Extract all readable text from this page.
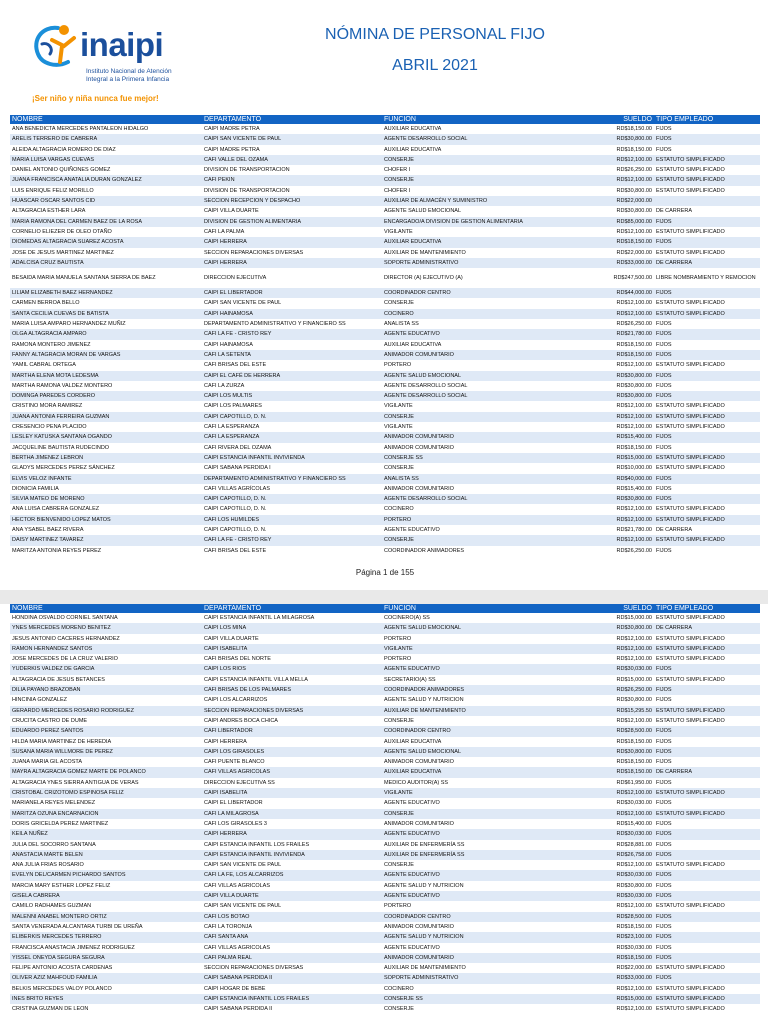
inaipi
Instituto Nacional de Atención Integral a la Primera Infancia
¡Ser niño y niña nunca fue mejor!
NÓMINA DE PERSONAL FIJO
ABRIL 2021
NOMBRE	DEPARTAMENTO	FUNCION	SUELDO	TIPO EMPLEADO
ANA BENEDICTA MERCEDES PANTALEON HIDALGO	CAIPI MADRE PETRA	AUXILIAR EDUCATIVA	RD$18,150.00	FIJOS
ARELIS TERRERO DE CABRERA	CAIPI SAN VICENTE DE PAUL	AGENTE DESARROLLO SOCIAL	RD$30,800.00	FIJOS
ALEIDA ALTAGRACIA ROMERO DE DIAZ	CAIPI MADRE PETRA	AUXILIAR EDUCATIVA	RD$18,150.00	FIJOS
MARIA LUISA VARGAS CUEVAS	CAFI VALLE DEL OZAMA	CONSERJE	RD$12,100.00	ESTATUTO SIMPLIFICADO
DANIEL ANTONIO QUIÑONES GOMEZ	DIVISION DE TRANSPORTACION	CHOFER I	RD$26,250.00	ESTATUTO SIMPLIFICADO
JUANA FRANCISCA ANATALIA DURAN GONZALEZ	CAFI PEKIN	CONSERJE	RD$12,100.00	ESTATUTO SIMPLIFICADO
LUIS ENRIQUE FELIZ MORILLO	DIVISION DE TRANSPORTACION	CHOFER I	RD$30,800.00	ESTATUTO SIMPLIFICADO
HUASCAR OSCAR SANTOS CID	SECCION RECEPCION Y DESPACHO	AUXILIAR DE ALMACÉN Y SUMINISTRO	RD$22,000.00	
ALTAGRACIA ESTHER LARA	CAIPI VILLA DUARTE	AGENTE SALUD EMOCIONAL	RD$30,800.00	DE CARRERA
MARIA RAMONA DEL CARMEN BAEZ DE LA ROSA	DIVISION DE GESTION ALIMENTARIA	ENCARGADO/A DIVISION DE GESTION ALIMENTARIA	RD$85,000.00	FIJOS
CORNELIO ELIEZER DE OLEO OTAÑO	CAFI LA PALMA	VIGILANTE	RD$12,100.00	ESTATUTO SIMPLIFICADO
DIOMEDAS ALTAGRACIA SUAREZ ACOSTA	CAIPI HERRERA	AUXILIAR EDUCATIVA	RD$18,150.00	FIJOS
JOSE DE JESUS MARTINEZ MARTINEZ	SECCION REPARACIONES DIVERSAS	AUXILIAR DE MANTENIMIENTO	RD$22,000.00	ESTATUTO SIMPLIFICADO
ADALCISA CRUZ BAUTISTA	CAIPI HERRERA	SOPORTE ADMINISTRATIVO	RD$33,000.00	DE CARRERA
BESAIDA MARIA MANUELA SANTANA SIERRA DE BAEZ	DIRECCION EJECUTIVA	DIRECTOR (A) EJECUTIVO (A)	RD$247,500.00	LIBRE NOMBRAMIENTO Y REMOCION
LILIAM ELIZABETH BAEZ HERNANDEZ	CAIPI EL LIBERTADOR	COORDINADOR CENTRO	RD$44,000.00	FIJOS
CARMEN BERROA BELLO	CAIPI SAN VICENTE DE PAUL	CONSERJE	RD$12,100.00	ESTATUTO SIMPLIFICADO
SANTA CECILIA CUEVAS DE BATISTA	CAIPI HAINAMOSA	COCINERO	RD$12,100.00	ESTATUTO SIMPLIFICADO
MARIA LUISA AMPARO HERNANDEZ MUÑIZ	DEPARTAMENTO ADMINISTRATIVO Y FINANCIERO SS	ANALISTA SS	RD$26,250.00	FIJOS
OLGA ALTAGRACIA AMPARO	CAFI LA FE - CRISTO REY	AGENTE EDUCATIVO	RD$21,780.00	FIJOS
RAMONA MONTERO JIMENEZ	CAIPI HAINAMOSA	AUXILIAR EDUCATIVA	RD$18,150.00	FIJOS
FANNY ALTAGRACIA MORAN DE VARGAS	CAFI LA SETENTA	ANIMADOR COMUNITARIO	RD$18,150.00	FIJOS
YAMIL CABRAL ORTEGA	CAFI BRISAS DEL ESTE	PORTERO	RD$12,100.00	ESTATUTO SIMPLIFICADO
MARTHA ELENA MOTA LEDESMA	CAIPI EL CAFÉ DE HERRERA	AGENTE SALUD EMOCIONAL	RD$30,800.00	FIJOS
MARTHA RAMONA VALDEZ MONTERO	CAFI LA ZURZA	AGENTE DESARROLLO SOCIAL	RD$30,800.00	FIJOS
DOMINGA PAREDES CORDERO	CAIPI LOS MULTIS	AGENTE DESARROLLO SOCIAL	RD$30,800.00	FIJOS
CRISTINO MORA RAMIREZ	CAIPI LOS PALMARES	VIGILANTE	RD$12,100.00	ESTATUTO SIMPLIFICADO
JUANA ANTONIA FERREIRA GUZMAN	CAIPI CAPOTILLO, D. N.	CONSERJE	RD$12,100.00	ESTATUTO SIMPLIFICADO
CRESENCIO PENA PLACIDO	CAFI LA ESPERANZA	VIGILANTE	RD$12,100.00	ESTATUTO SIMPLIFICADO
LESLEY KATUSKA SANTANA OGANDO	CAFI LA ESPERANZA	ANIMADOR COMUNITARIO	RD$15,400.00	FIJOS
JACQUELINE BAUTISTA RUDECINDO	CAFI RIVERA DEL OZAMA	ANIMADOR COMUNITARIO	RD$18,150.00	FIJOS
BERTHA JIMENEZ LEBRON	CAIPI ESTANCIA INFANTIL INVIVIENDA	CONSERJE SS	RD$15,000.00	ESTATUTO SIMPLIFICADO
GLADYS MERCEDES PEREZ SÁNCHEZ	CAIPI SABANA PERDIDA I	CONSERJE	RD$10,000.00	ESTATUTO SIMPLIFICADO
ELVIS VELOZ INFANTE	DEPARTAMENTO ADMINISTRATIVO Y FINANCIERO SS	ANALISTA SS	RD$40,000.00	FIJOS
DIONICIA FAMILIA	CAFI VILLAS AGRÍCOLAS	ANIMADOR COMUNITARIO	RD$15,400.00	FIJOS
SILVIA MATEO DE MORENO	CAIPI CAPOTILLO, D. N.	AGENTE DESARROLLO SOCIAL	RD$30,800.00	FIJOS
ANA LUISA CABRERA GONZALEZ	CAIPI CAPOTILLO, D. N.	COCINERO	RD$12,100.00	ESTATUTO SIMPLIFICADO
HECTOR BIENVENIDO LOPEZ MATOS	CAFI LOS HUMILDES	PORTERO	RD$12,100.00	ESTATUTO SIMPLIFICADO
ANA YSABEL BAEZ RIVERA	CAIPI CAPOTILLO, D. N.	AGENTE EDUCATIVO	RD$21,780.00	DE CARRERA
DAISY MARTINEZ TAVAREZ	CAFI LA FE - CRISTO REY	CONSERJE	RD$12,100.00	ESTATUTO SIMPLIFICADO
MARITZA ANTONIA REYES PEREZ	CAFI BRISAS DEL ESTE	COORDINADOR ANIMADORES	RD$26,250.00	FIJOS
Página 1 de 155
NOMBRE	DEPARTAMENTO	FUNCION	SUELDO	TIPO EMPLEADO
HONDINA OSVALDO CORNIEL SANTANA	CAIPI ESTANCIA INFANTIL LA MILAGROSA	COCINERO(A) SS	RD$15,000.00	ESTATUTO SIMPLIFICADO
YNES MERCEDES MORENO BENITEZ	CAIPI LOS MINA	AGENTE SALUD EMOCIONAL	RD$30,800.00	DE CARRERA
JESUS ANTONIO CACERES HERNANDEZ	CAIPI VILLA DUARTE	PORTERO	RD$12,100.00	ESTATUTO SIMPLIFICADO
RAMON HERNANDEZ SANTOS	CAIPI ISABELITA	VIGILANTE	RD$12,100.00	ESTATUTO SIMPLIFICADO
JOSE MERCEDES DE LA CRUZ VALERIO	CAFI BRISAS DEL NORTE	PORTERO	RD$12,100.00	ESTATUTO SIMPLIFICADO
YUDERKIS VALDEZ DE GARCIA	CAIPI LOS RIOS	AGENTE EDUCATIVO	RD$30,030.00	FIJOS
ALTAGRACIA DE JESUS BETANCES	CAIPI ESTANCIA INFANTIL VILLA MELLA	SECRETARIO(A) SS	RD$15,000.00	ESTATUTO SIMPLIFICADO
DILIA PAYANO BRAZOBAN	CAFI BRISAS DE LOS PALMARES	COORDINADOR ANIMADORES	RD$26,250.00	FIJOS
HINCINIA GONZALEZ	CAIPI LOS ALCARRIZOS	AGENTE SALUD Y NUTRICION	RD$30,800.00	FIJOS
GERARDO MERCEDES ROSARIO RODRIGUEZ	SECCION REPARACIONES DIVERSAS	AUXILIAR DE MANTENIMIENTO	RD$15,295.50	ESTATUTO SIMPLIFICADO
CRUCITA CASTRO DE DUME	CAIPI ANDRES BOCA CHICA	CONSERJE	RD$12,100.00	ESTATUTO SIMPLIFICADO
EDUARDO PEREZ SANTOS	CAFI LIBERTADOR	COORDINADOR CENTRO	RD$28,500.00	FIJOS
HILDA MARIA MARTINEZ DE HEREDIA	CAIPI HERRERA	AUXILIAR EDUCATIVA	RD$18,150.00	FIJOS
SUSANA MARIA WILLMORE DE PEREZ	CAIPI LOS GIRASOLES	AGENTE SALUD EMOCIONAL	RD$30,800.00	FIJOS
JUANA MARIA GIL ACOSTA	CAFI PUENTE BLANCO	ANIMADOR COMUNITARIO	RD$18,150.00	FIJOS
MAYRA ALTAGRACIA GOMEZ MARTE DE POLANCO	CAFI VILLAS AGRICOLAS	AUXILIAR EDUCATIVA	RD$18,150.00	DE CARRERA
ALTAGRACIA YNES SIERRA ANTIGUA DE VERAS	DIRECCION EJECUTIVA SS	MEDICO AUDITOR(A) SS	RD$61,950.00	FIJOS
CRISTOBAL CRIZOTOMO ESPINOSA FELIZ	CAIPI ISABELITA	VIGILANTE	RD$12,100.00	ESTATUTO SIMPLIFICADO
MARIANELA REYES MELENDEZ	CAIPI EL LIBERTADOR	AGENTE EDUCATIVO	RD$30,030.00	FIJOS
MARITZA OZUNA ENCARNACION	CAFI LA MILAGROSA	CONSERJE	RD$12,100.00	ESTATUTO SIMPLIFICADO
DORIS GRICELDA PEREZ MARTINEZ	CAFI LOS GIRASOLES 3	ANIMADOR COMUNITARIO	RD$15,400.00	FIJOS
KEILA NUÑEZ	CAIPI HERRERA	AGENTE EDUCATIVO	RD$30,030.00	FIJOS
JULIA DEL SOCORRO SANTANA	CAIPI ESTANCIA INFANTIL LOS FRAILES	AUXILIAR DE ENFERMERÍA SS	RD$28,881.00	FIJOS
ANASTACIA MARTE BELEN	CAIPI ESTANCIA INFANTIL INVIVIENDA	AUXILIAR DE ENFERMERÍA SS	RD$26,758.00	FIJOS
ANA JULIA FRIAS ROSARIO	CAIPI SAN VICENTE DE PAUL	CONSERJE	RD$12,100.00	ESTATUTO SIMPLIFICADO
EVELYN DEL/CARMEN PICHARDO SANTOS	CAFI LA FE, LOS ALCARRIZOS	AGENTE EDUCATIVO	RD$30,030.00	FIJOS
MARCIA MARY ESTHER LOPEZ FELIZ	CAFI VILLAS AGRICOLAS	AGENTE SALUD Y NUTRICION	RD$30,800.00	FIJOS
GISELA CABRERA	CAIPI VILLA DUARTE	AGENTE EDUCATIVO	RD$30,030.00	FIJOS
CAMILO RADHAMES GUZMAN	CAIPI SAN VICENTE DE PAUL	PORTERO	RD$12,100.00	ESTATUTO SIMPLIFICADO
MALENNI ANABEL MONTERO ORTIZ	CAFI LOS BOTAO	COORDINADOR CENTRO	RD$28,500.00	FIJOS
SANTA VENERADA ALCANTARA TURBI DE UREÑA	CAFI LA TORONJA	ANIMADOR COMUNITARIO	RD$18,150.00	FIJOS
ELIBERKIS MERCEDES TERRERO	CAFI SANTA ANA	AGENTE SALUD Y NUTRICION	RD$23,100.00	FIJOS
FRANCISCA ANASTACIA JIMENEZ RODRIGUEZ	CAFI VILLAS AGRICOLAS	AGENTE EDUCATIVO	RD$30,030.00	FIJOS
YISSEL ONEYDA SEGURA SEGURA	CAFI PALMA REAL	ANIMADOR COMUNITARIO	RD$18,150.00	FIJOS
FELIPE ANTONIO ACOSTA CARDENAS	SECCION REPARACIONES DIVERSAS	AUXILIAR DE MANTENIMIENTO	RD$22,000.00	ESTATUTO SIMPLIFICADO
OLIVER AZIZ MAHFOUD FAMILIA	CAIPI SABANA PERDIDA II	SOPORTE ADMINISTRATIVO	RD$33,000.00	FIJOS
BELKIS MERCEDES VALOY POLANCO	CAIPI HOGAR DE BEBE	COCINERO	RD$12,100.00	ESTATUTO SIMPLIFICADO
INES BRITO REYES	CAIPI ESTANCIA INFANTIL LOS FRAILES	CONSERJE SS	RD$15,000.00	ESTATUTO SIMPLIFICADO
CRISTINA GUZMAN DE LEON	CAIPI SABANA PERDIDA II	CONSERJE	RD$12,100.00	ESTATUTO SIMPLIFICADO
